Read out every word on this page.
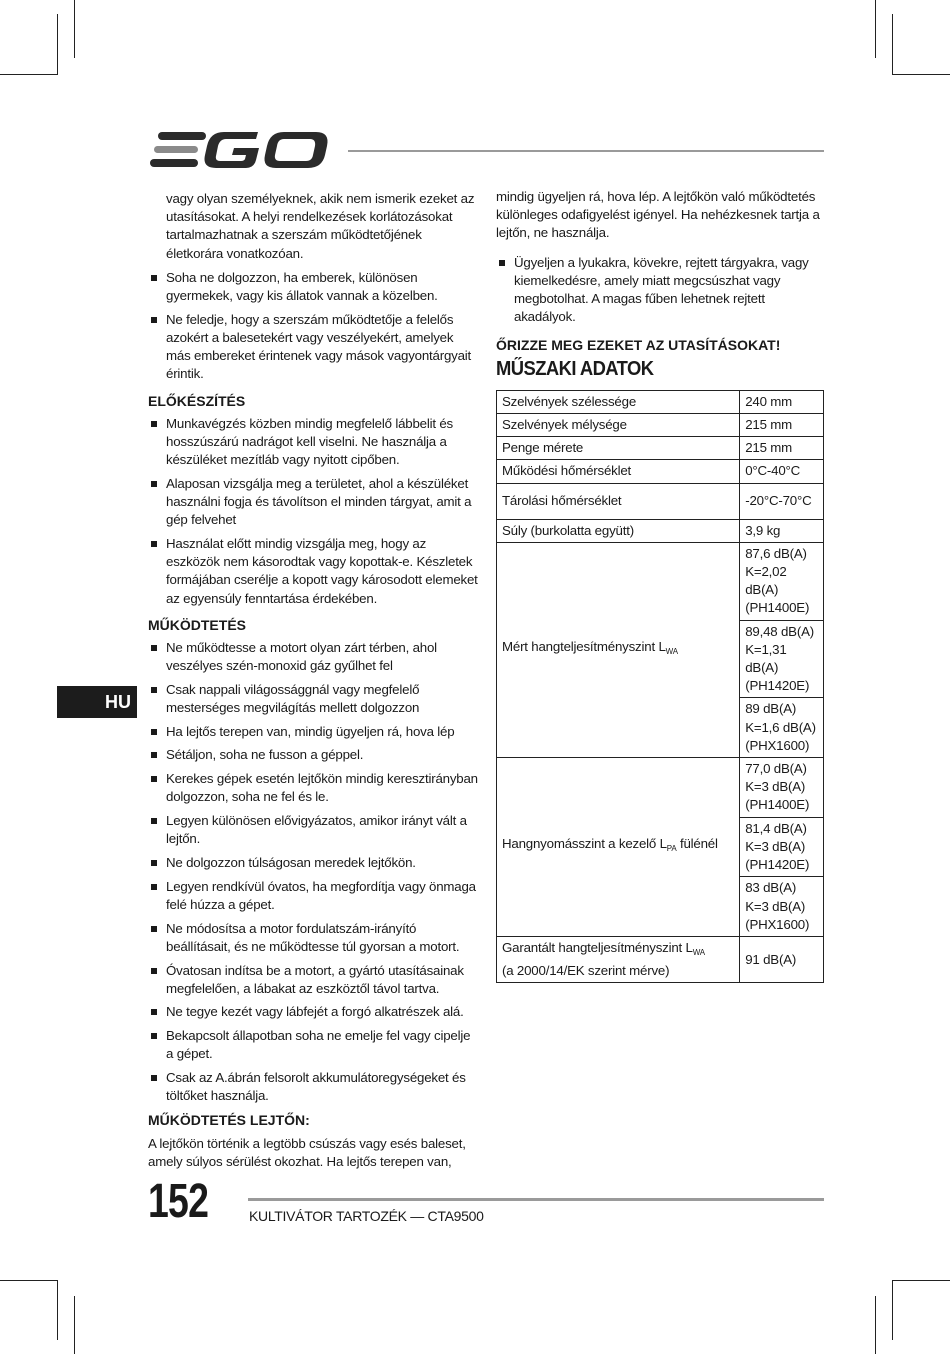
vagy olyan személyeknek, akik nem ismerik ezeket az utasításokat. A helyi rendelkezések korlátozásokat tartalmazhatnak a szerszám működtetőjének életkorára vonatkozóan.
Soha ne dolgozzon, ha emberek, különösen gyermekek, vagy kis állatok vannak a közelben.
Ne feledje, hogy a szerszám működtetője a felelős azokért a balesetekért vagy veszélyekért, amelyek más embereket érintenek vagy mások vagyontárgyait érintik.
ELŐKÉSZÍTÉS
Munkavégzés közben mindig megfelelő lábbelit és hosszúszárú nadrágot kell viselni. Ne használja a készüléket mezítláb vagy nyitott cipőben.
Alaposan vizsgálja meg a területet, ahol a készüléket használni fogja és távolítson el minden tárgyat, amit a gép felvehet
Használat előtt mindig vizsgálja meg, hogy az eszközök nem kásorodtak vagy kopottak-e. Készletek formájában cserélje a kopott vagy károsodott elemeket az egyensúly fenntartása érdekében.
MŰKÖDTETÉS
Ne működtesse a motort olyan zárt térben, ahol veszélyes szén-monoxid gáz gyűlhet fel
Csak nappali világossággnál vagy megfelelő mesterséges megvilágítás mellett dolgozzon
Ha lejtős terepen van, mindig ügyeljen rá, hova lép
Sétáljon, soha ne fusson a géppel.
Kerekes gépek esetén lejtőkön mindig keresztirányban dolgozzon, soha ne fel és le.
Legyen különösen elővigyázatos, amikor irányt vált a lejtőn.
Ne dolgozzon túlságosan meredek lejtőkön.
Legyen rendkívül óvatos, ha megfordítja vagy önmaga felé húzza a gépet.
Ne módosítsa a motor fordulatszám-irányító beállításait, és ne működtesse túl gyorsan a motort.
Óvatosan indítsa be a motort, a gyártó utasításainak megfelelően, a lábakat az eszköztől távol tartva.
Ne tegye kezét vagy lábfejét a forgó alkatrészek alá.
Bekapcsolt állapotban soha ne emelje fel vagy cipelje a gépet.
Csak az A.ábrán felsorolt akkumulátoregységeket és töltőket használja.
MŰKÖDTETÉS LEJTŐN:
A lejtőkön történik a legtöbb csúszás vagy esés baleset, amely súlyos sérülést okozhat. Ha lejtős terepen van,
mindig ügyeljen rá, hova lép. A lejtőkön való működtetés különleges odafigyelést igényel. Ha nehézkesnek tartja a lejtőn, ne használja.
Ügyeljen a lyukakra, kövekre, rejtett tárgyakra, vagy kiemelkedésre, amely miatt megcsúszhat vagy megbotolhat. A magas fűben lehetnek rejtett akadályok.
ŐRIZZE MEG EZEKET AZ UTASÍTÁSOKAT!
MŰSZAKI ADATOK
Szelvények szélessége	240 mm
Szelvények mélysége	215 mm
Penge mérete	215 mm
Működési hőmérséklet	0°C-40°C
Tárolási hőmérséklet	-20°C-70°C
Súly (burkolatta együtt)	3,9 kg
Mért hangteljesítményszint $L_{WA}$	87,6 dB(A) K=2,02 dB(A) (PH1400E)
	89,48 dB(A) K=1,31 dB(A) (PH1420E)
	89 dB(A) K=1,6 dB(A) (PHX1600)
Hangnyomásszint a kezelő $L_{PA}$ fülénél	77,0 dB(A) K=3 dB(A) (PH1400E)
	81,4 dB(A) K=3 dB(A) (PH1420E)
	83 dB(A) K=3 dB(A) (PHX1600)
Garantált hangteljesítményszint $L_{WA}$
(a 2000/14/EK szerint mérve)	91 dB(A)
HU
152	KULTIVÁTOR TARTOZÉK — CTA9500
